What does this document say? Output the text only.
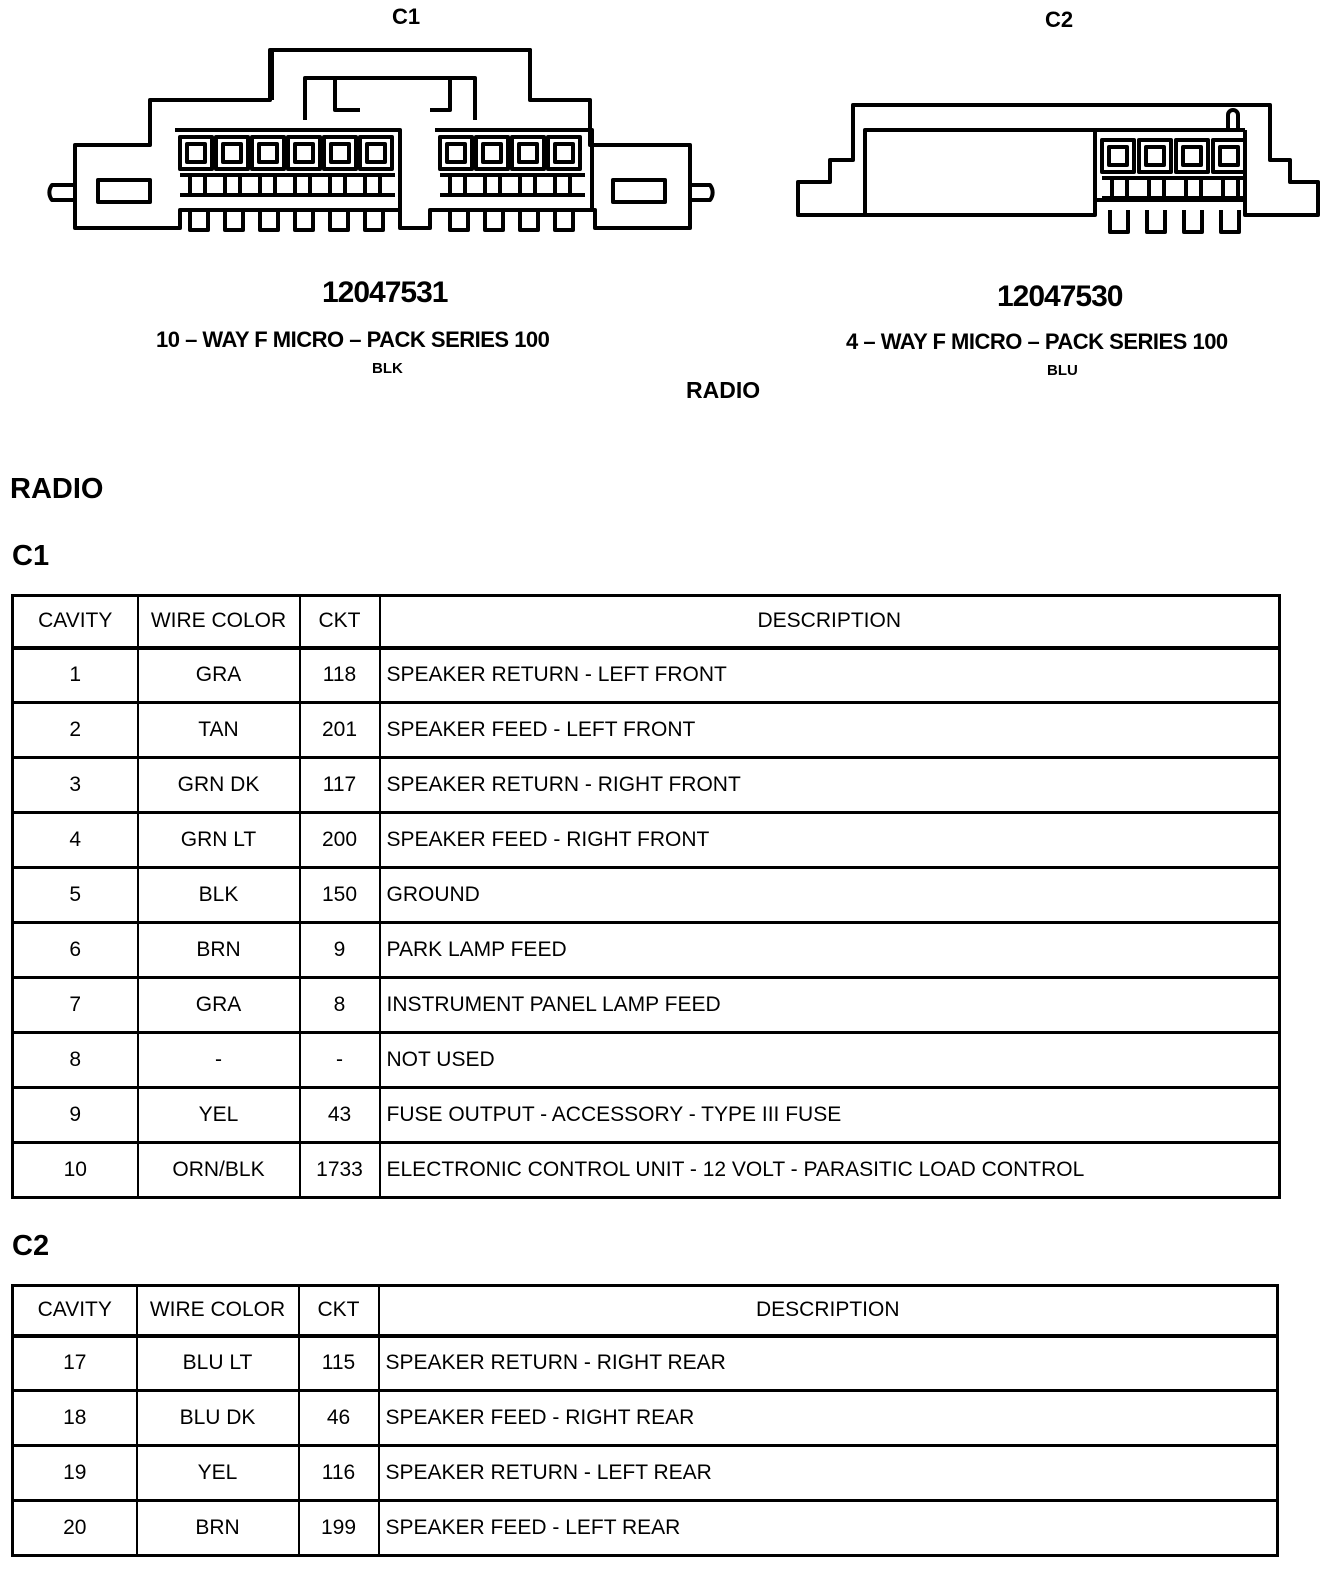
C1	C2
12047531	12047530
10 – WAY F MICRO – PACK SERIES 100	4 – WAY F MICRO – PACK SERIES 100
BLK	BLU
RADIO
RADIO
C1
C2
CAVITY	WIRE COLOR	CKT	DESCRIPTION
1	GRA	118	SPEAKER RETURN - LEFT FRONT
2	TAN	201	SPEAKER FEED - LEFT FRONT
3	GRN DK	117	SPEAKER RETURN - RIGHT FRONT
4	GRN LT	200	SPEAKER FEED - RIGHT FRONT
5	BLK	150	GROUND
6	BRN	9	PARK LAMP FEED
7	GRA	8	INSTRUMENT PANEL LAMP FEED
8	-	-	NOT USED
9	YEL	43	FUSE OUTPUT - ACCESSORY - TYPE III FUSE
10	ORN/BLK	1733	ELECTRONIC CONTROL UNIT - 12 VOLT - PARASITIC LOAD CONTROL
CAVITY	WIRE COLOR	CKT	DESCRIPTION
17	BLU LT	115	SPEAKER RETURN - RIGHT REAR
18	BLU DK	46	SPEAKER FEED - RIGHT REAR
19	YEL	116	SPEAKER RETURN - LEFT REAR
20	BRN	199	SPEAKER FEED - LEFT REAR
